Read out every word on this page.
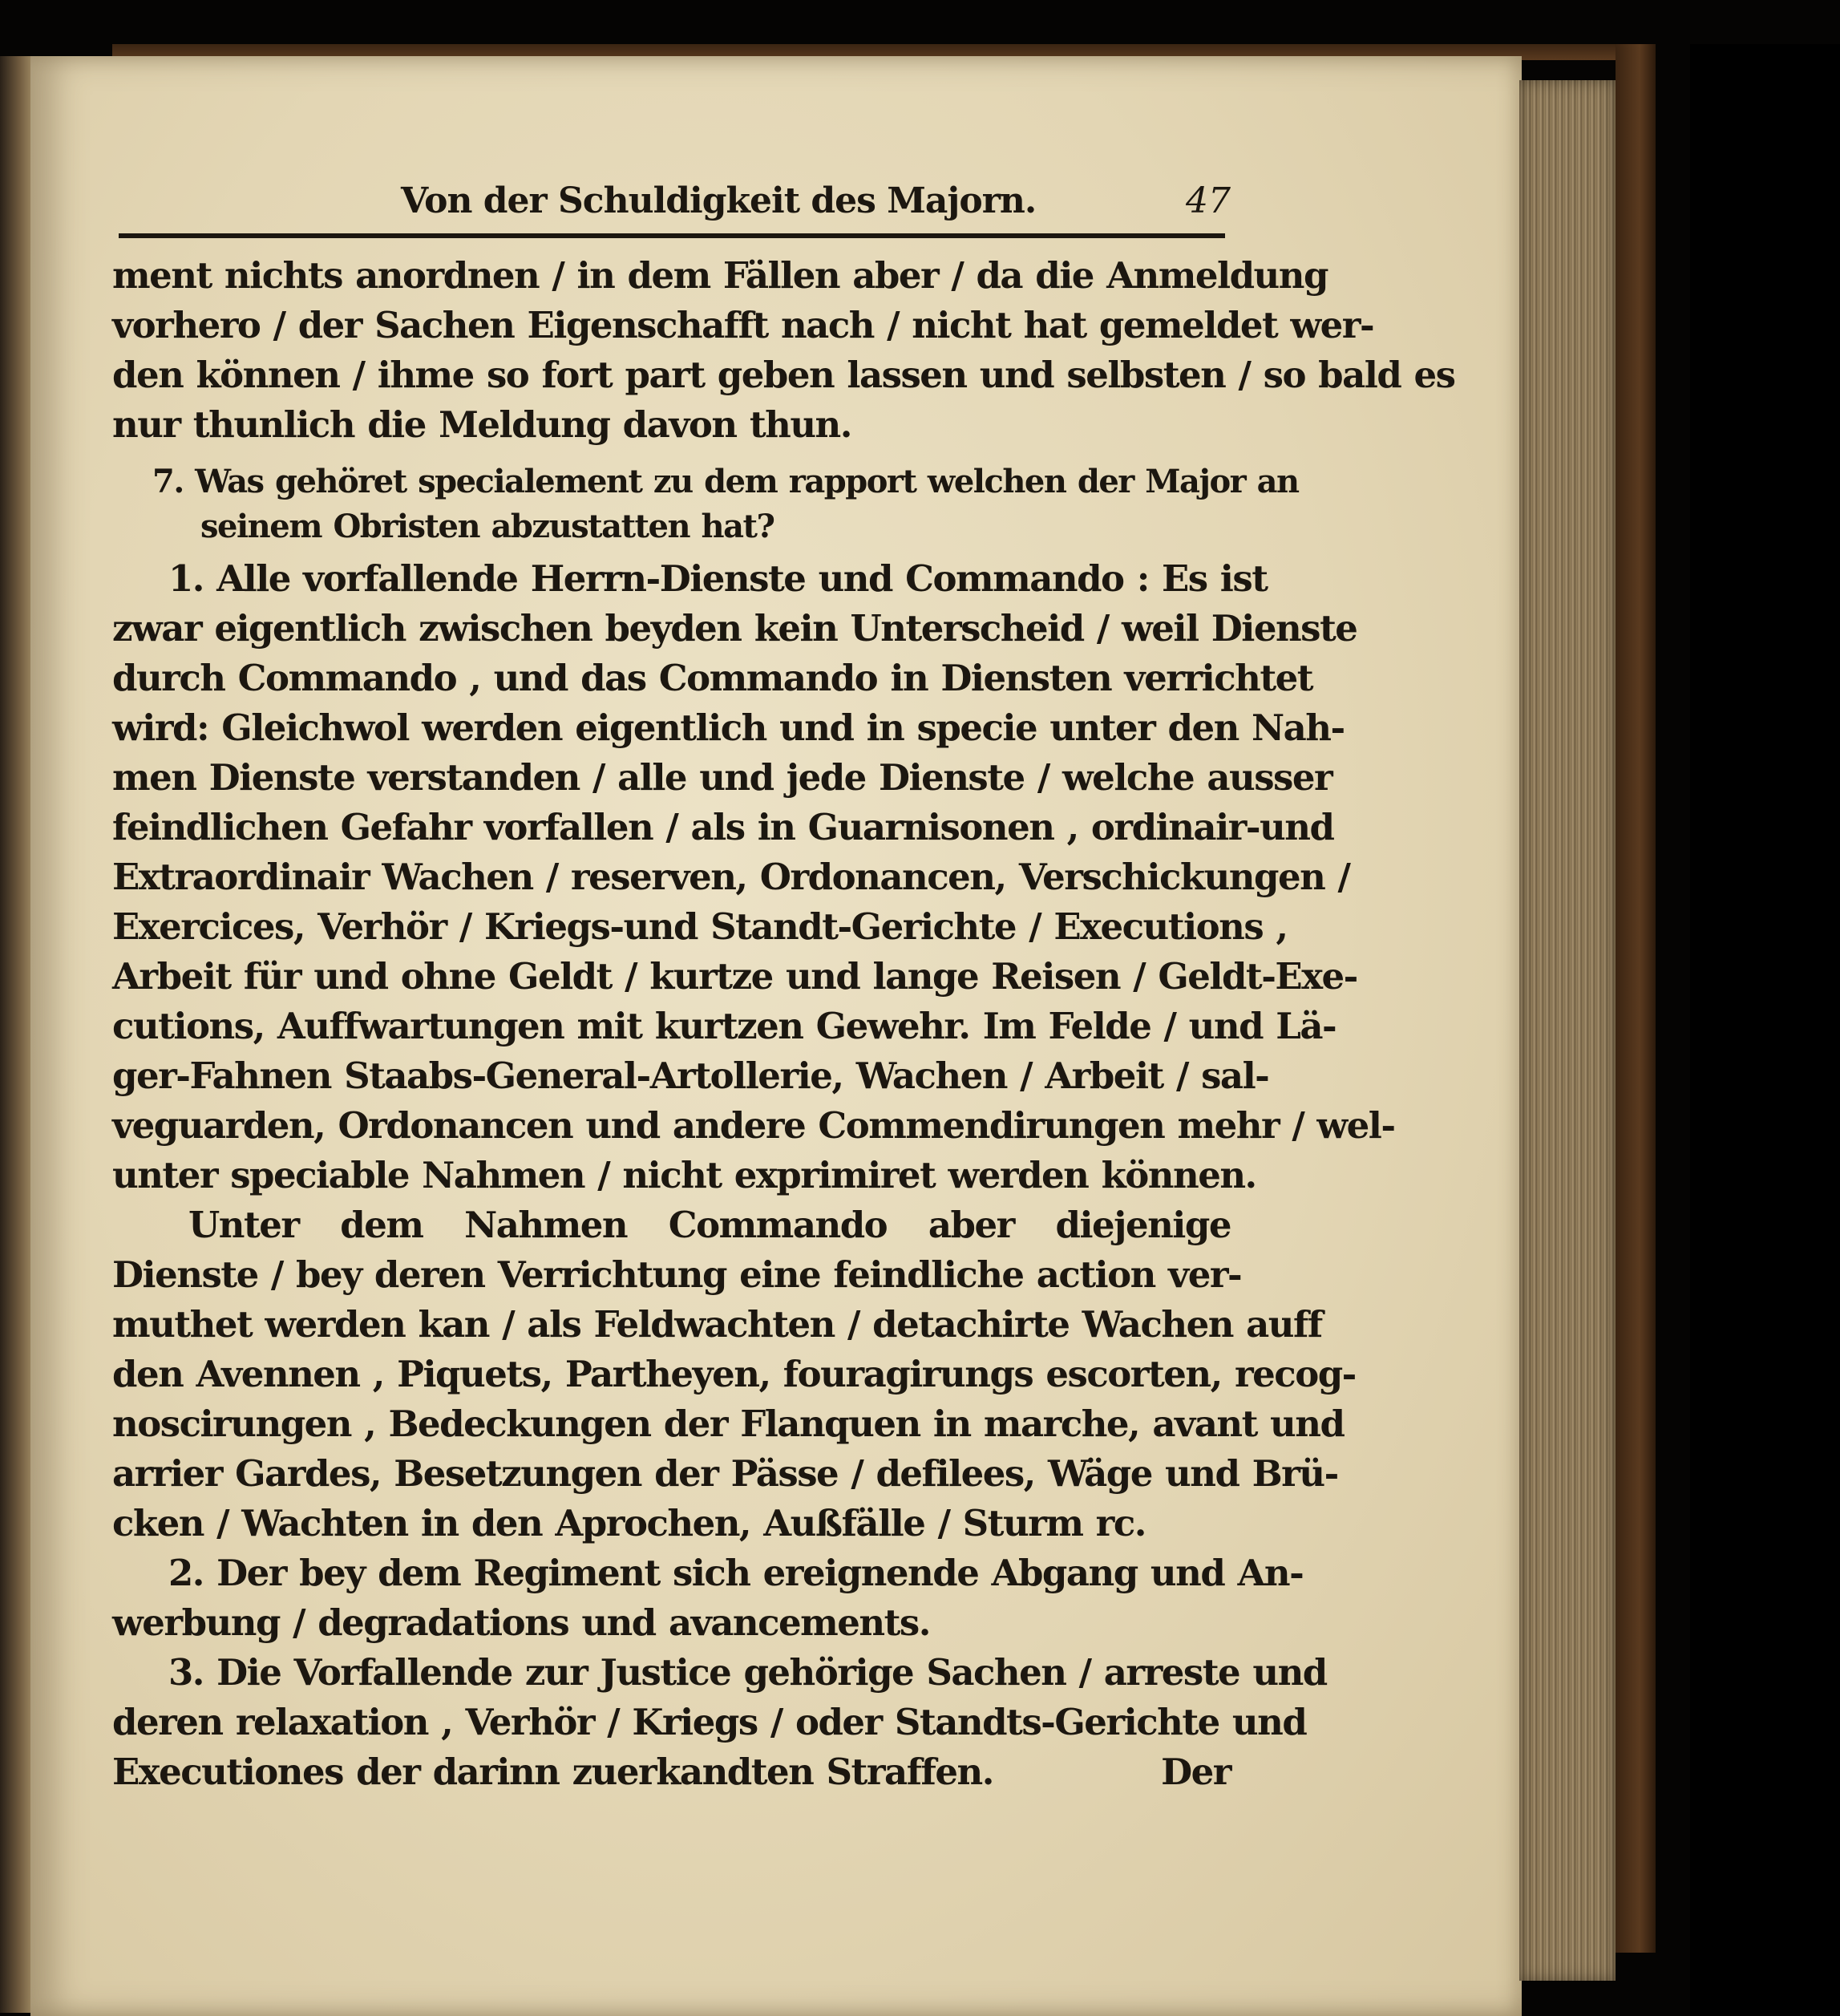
Von der Schuldigkeit des Majorn.	47
ment nichts anordnen / in dem Fällen aber / da die Anmeldung
vorhero / der Sachen Eigenschafft nach / nicht hat gemeldet wer-
den können / ihme so fort part geben lassen und selbsten / so bald es
nur thunlich die Meldung davon thun.
7. Was gehöret specialement zu dem rapport welchen der Major an
seinem Obristen abzustatten hat?
1. Alle vorfallende Herrn-Dienste und Commando : Es ist
zwar eigentlich zwischen beyden kein Unterscheid / weil Dienste
durch Commando , und das Commando in Diensten verrichtet
wird: Gleichwol werden eigentlich und in specie unter den Nah-
men Dienste verstanden / alle und jede Dienste / welche ausser
feindlichen Gefahr vorfallen / als in Guarnisonen , ordinair-und
Extraordinair Wachen / reserven, Ordonancen, Verschickungen /
Exercices, Verhör / Kriegs-und Standt-Gerichte / Executions ,
Arbeit für und ohne Geldt / kurtze und lange Reisen / Geldt-Exe-
cutions, Auffwartungen mit kurtzen Gewehr. Im Felde / und Lä-
ger-Fahnen Staabs-General-Artollerie, Wachen / Arbeit / sal-
veguarden, Ordonancen und andere Commendirungen mehr / wel-
unter speciable Nahmen / nicht exprimiret werden können.
Unter dem Nahmen Commando aber diejenige
Dienste / bey deren Verrichtung eine feindliche action ver-
muthet werden kan / als Feldwachten / detachirte Wachen auff
den Avennen , Piquets, Partheyen, fouragirungs escorten, recog-
noscirungen , Bedeckungen der Flanquen in marche, avant und
arrier Gardes, Besetzungen der Pässe / defilees, Wäge und Brü-
cken / Wachten in den Aprochen, Außfälle / Sturm rc.
2. Der bey dem Regiment sich ereignende Abgang und An-
werbung / degradations und avancements.
3. Die Vorfallende zur Justice gehörige Sachen / arreste und
deren relaxation , Verhör / Kriegs / oder Standts-Gerichte und
Executiones der darinn zuerkandten Straffen.	Der
